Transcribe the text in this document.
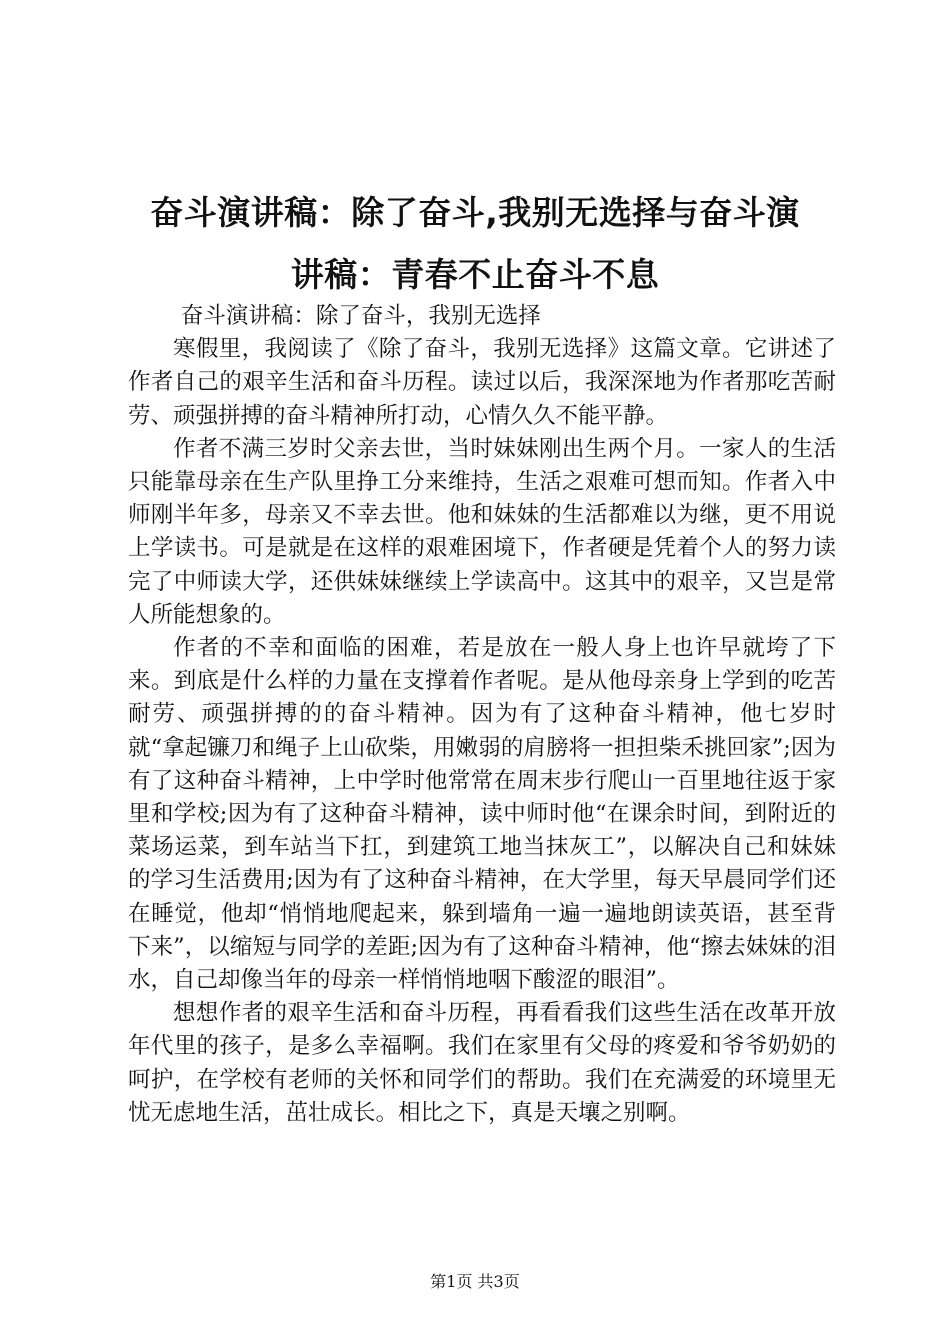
奋斗演讲稿：除了奋斗,我别无选择与奋斗演
讲稿：青春不止奋斗不息

奋斗演讲稿：除了奋斗，我别无选择

寒假里，我阅读了《除了奋斗，我别无选择》这篇文章。它讲述了作者自己的艰辛生活和奋斗历程。读过以后，我深深地为作者那吃苦耐劳、顽强拼搏的奋斗精神所打动，心情久久不能平静。

作者不满三岁时父亲去世，当时妹妹刚出生两个月。一家人的生活只能靠母亲在生产队里挣工分来维持，生活之艰难可想而知。作者入中师刚半年多，母亲又不幸去世。他和妹妹的生活都难以为继，更不用说上学读书。可是就是在这样的艰难困境下，作者硬是凭着个人的努力读完了中师读大学，还供妹妹继续上学读高中。这其中的艰辛，又岂是常人所能想象的。

作者的不幸和面临的困难，若是放在一般人身上也许早就垮了下来。到底是什么样的力量在支撑着作者呢。是从他母亲身上学到的吃苦耐劳、顽强拼搏的的奋斗精神。因为有了这种奋斗精神，他七岁时就“拿起镰刀和绳子上山砍柴，用嫩弱的肩膀将一担担柴禾挑回家”;因为有了这种奋斗精神，上中学时他常常在周末步行爬山一百里地往返于家里和学校;因为有了这种奋斗精神，读中师时他“在课余时间，到附近的菜场运菜，到车站当下扛，到建筑工地当抹灰工”，以解决自己和妹妹的学习生活费用;因为有了这种奋斗精神，在大学里，每天早晨同学们还在睡觉，他却“悄悄地爬起来，躲到墙角一遍一遍地朗读英语，甚至背下来”，以缩短与同学的差距;因为有了这种奋斗精神，他“擦去妹妹的泪水，自己却像当年的母亲一样悄悄地咽下酸涩的眼泪”。

想想作者的艰辛生活和奋斗历程，再看看我们这些生活在改革开放年代里的孩子，是多么幸福啊。我们在家里有父母的疼爱和爷爷奶奶的呵护，在学校有老师的关怀和同学们的帮助。我们在充满爱的环境里无忧无虑地生活，茁壮成长。相比之下，真是天壤之别啊。

第1页 共3页
